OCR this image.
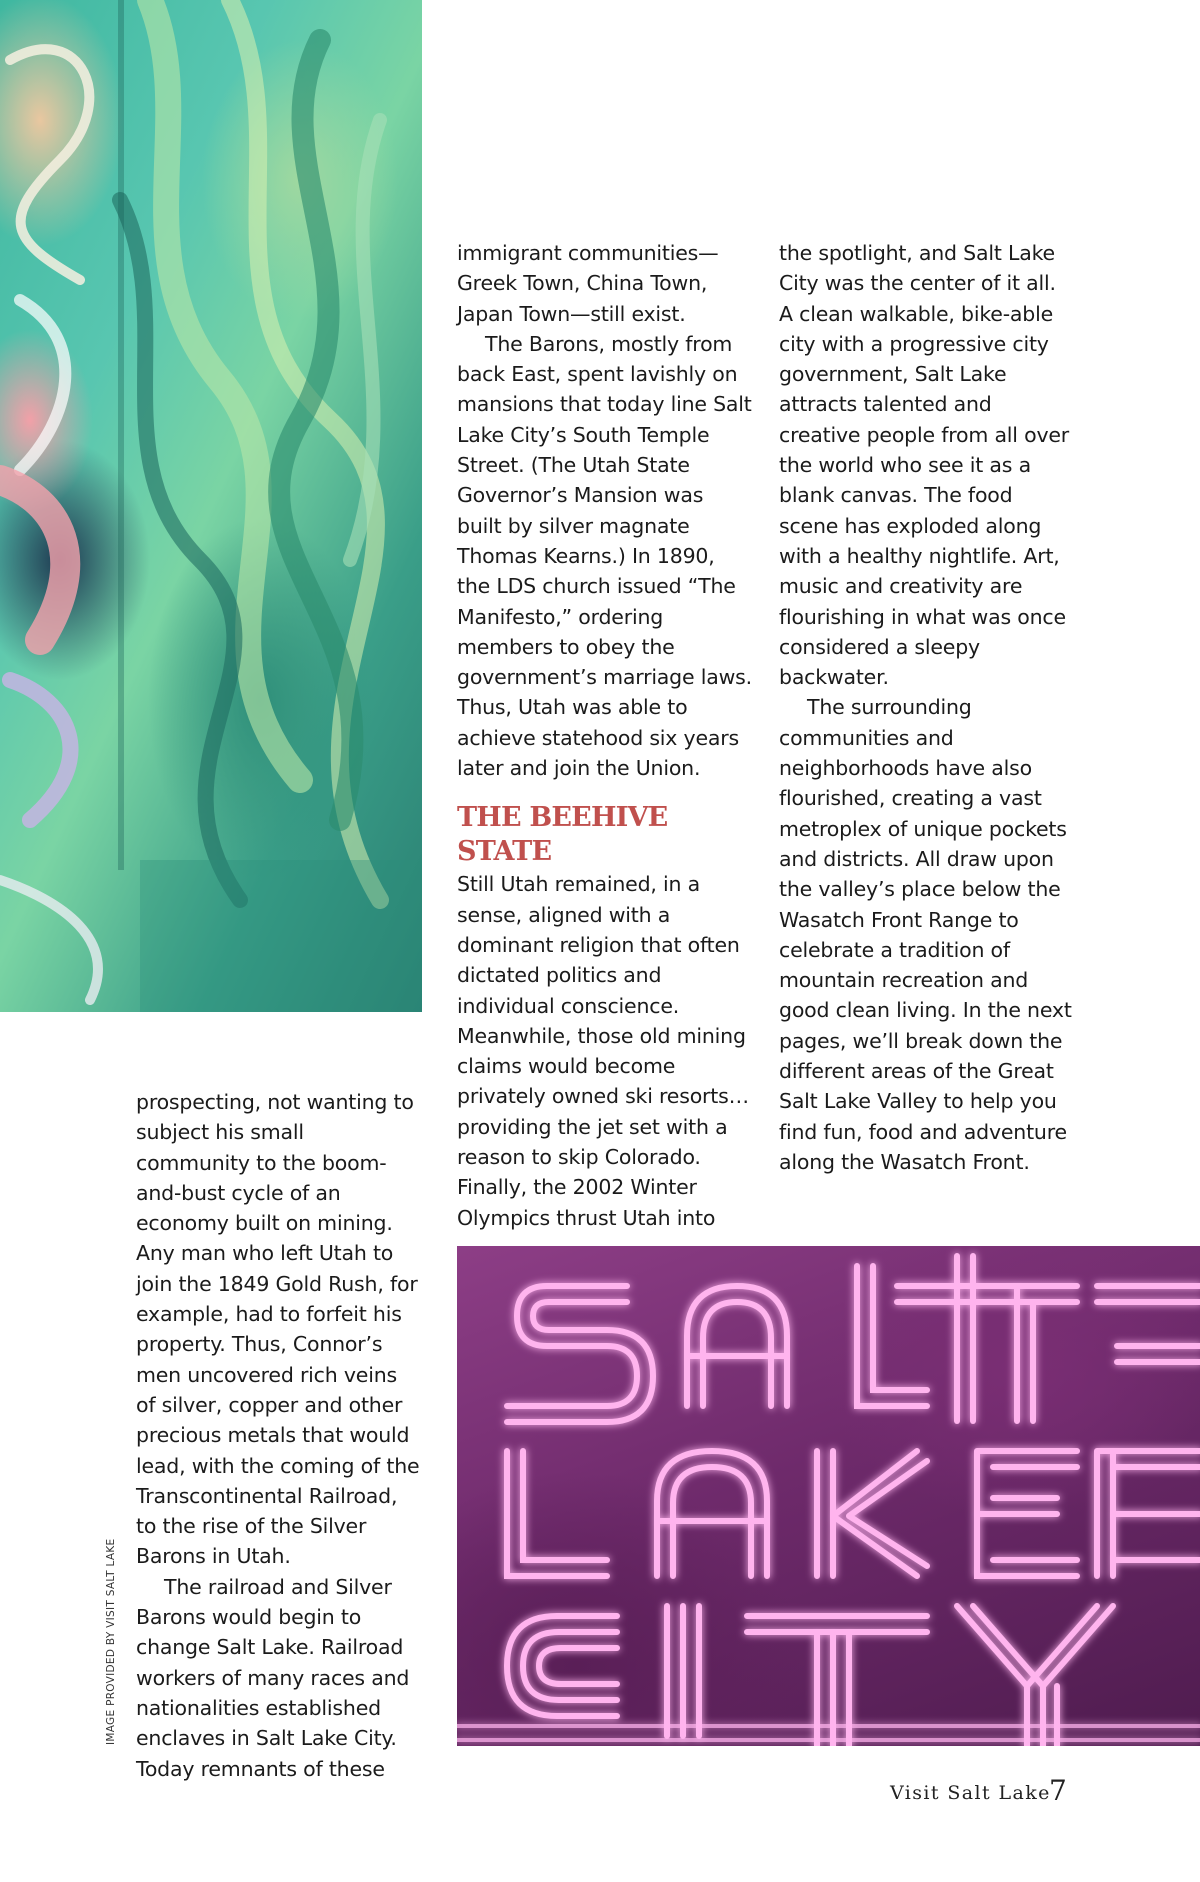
prospecting, not wanting to subject his small community to the boom-and-bust cycle of an economy built on mining. Any man who left Utah to join the 1849 Gold Rush, for example, had to forfeit his property. Thus, Connor’s men uncovered rich veins of silver, copper and other precious metals that would lead, with the coming of the Transcontinental Railroad, to the rise of the Silver Barons in Utah.

The railroad and Silver Barons would begin to change Salt Lake. Railroad workers of many races and nationalities established enclaves in Salt Lake City. Today remnants of these

immigrant communities—Greek Town, China Town, Japan Town—still exist.

The Barons, mostly from back East, spent lavishly on mansions that today line Salt Lake City’s South Temple Street. (The Utah State Governor’s Mansion was built by silver magnate Thomas Kearns.) In 1890, the LDS church issued “The Manifesto,” ordering members to obey the government’s marriage laws. Thus, Utah was able to achieve statehood six years later and join the Union.

THE BEEHIVE STATE

Still Utah remained, in a sense, aligned with a dominant religion that often dictated politics and individual conscience. Meanwhile, those old mining claims would become privately owned ski resorts… providing the jet set with a reason to skip Colorado. Finally, the 2002 Winter Olympics thrust Utah into

the spotlight, and Salt Lake City was the center of it all. A clean walkable, bike-able city with a progressive city government, Salt Lake attracts talented and creative people from all over the world who see it as a blank canvas. The food scene has exploded along with a healthy nightlife. Art, music and creativity are flourishing in what was once considered a sleepy backwater.

The surrounding communities and neighborhoods have also flourished, creating a vast metroplex of unique pockets and districts. All draw upon the valley’s place below the Wasatch Front Range to celebrate a tradition of mountain recreation and good clean living. In the next pages, we’ll break down the different areas of the Great Salt Lake Valley to help you find fun, food and adventure along the Wasatch Front.

IMAGE PROVIDED BY VISIT SALT LAKE
Visit Salt Lake
7
